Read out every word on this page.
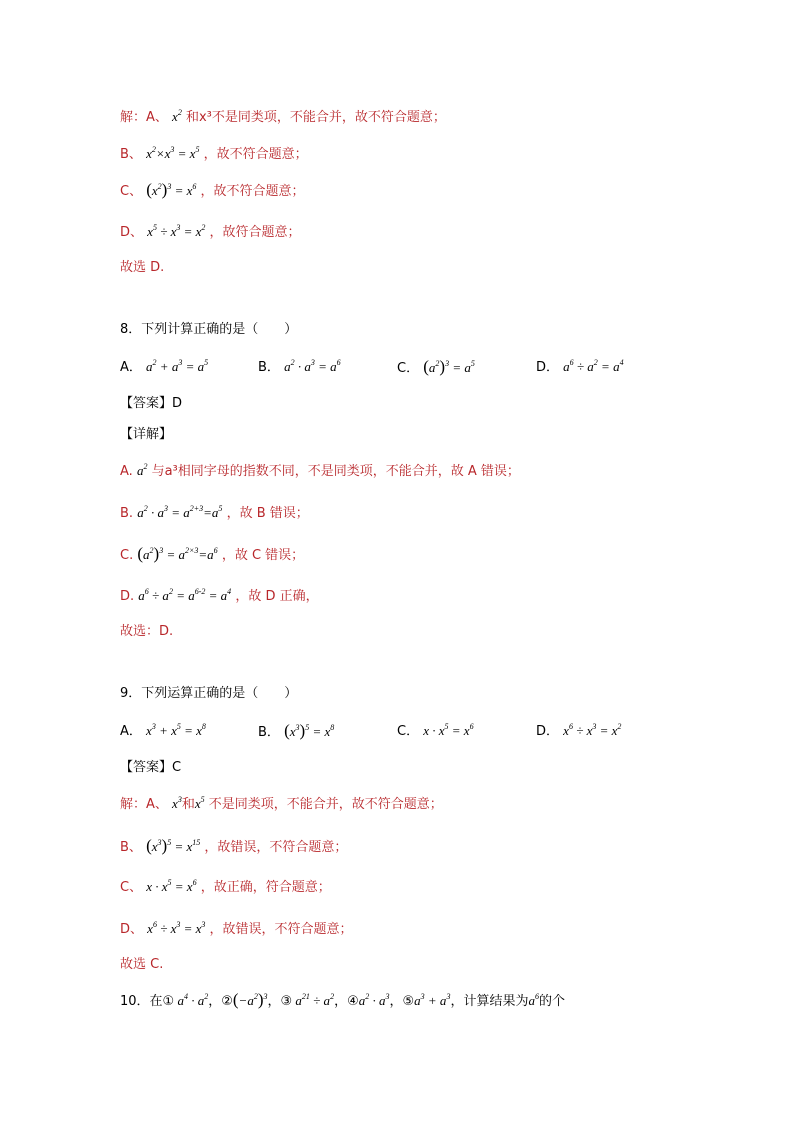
解：A、 $x^2$ 和x³不是同类项，不能合并，故不符合题意；
B、 $x^2\times x^3 = x^5$ ，故不符合题意；
C、 $(x^2)^3 = x^6$ ，故不符合题意；
D、 $x^5 \div x^3 = x^2$ ，故符合题意；
故选 D.
8．下列计算正确的是（　　）
A． $a^2 + a^3 = a^5$	B． $a^2 \cdot a^3 = a^6$	C． $(a^2)^3 = a^5$	D． $a^6 \div a^2 = a^4$
【答案】D
【详解】
A. $a^2$ 与a³相同字母的指数不同，不是同类项，不能合并，故 A 错误；
B. $a^2 \cdot a^3 = a^{2+3}=a^5$ ，故 B 错误；
C. $(a^2)^3 = a^{2\times 3}=a^6$ ，故 C 错误；
D. $a^6 \div a^2 = a^{6-2} = a^4$ ，故 D 正确，
故选：D.
9．下列运算正确的是（　　）
A． $x^3 + x^5 = x^8$	B． $(x^3)^5 = x^8$	C． $x \cdot x^5 = x^6$	D． $x^6 \div x^3 = x^2$
【答案】C
解：A、 $x^3$和$x^5$ 不是同类项，不能合并，故不符合题意；
B、 $(x^3)^5 = x^{15}$ ，故错误，不符合题意；
C、 $x \cdot x^5 = x^6$ ，故正确，符合题意；
D、 $x^6 \div x^3 = x^3$ ，故错误，不符合题意；
故选 C.
10．在① $a^4 \cdot a^2$，$②(-a^2)^3$，③ $a^{21} \div a^2$，$④a^2 \cdot a^3$，$⑤a^3 + a^3$，计算结果为$a^6$的个
